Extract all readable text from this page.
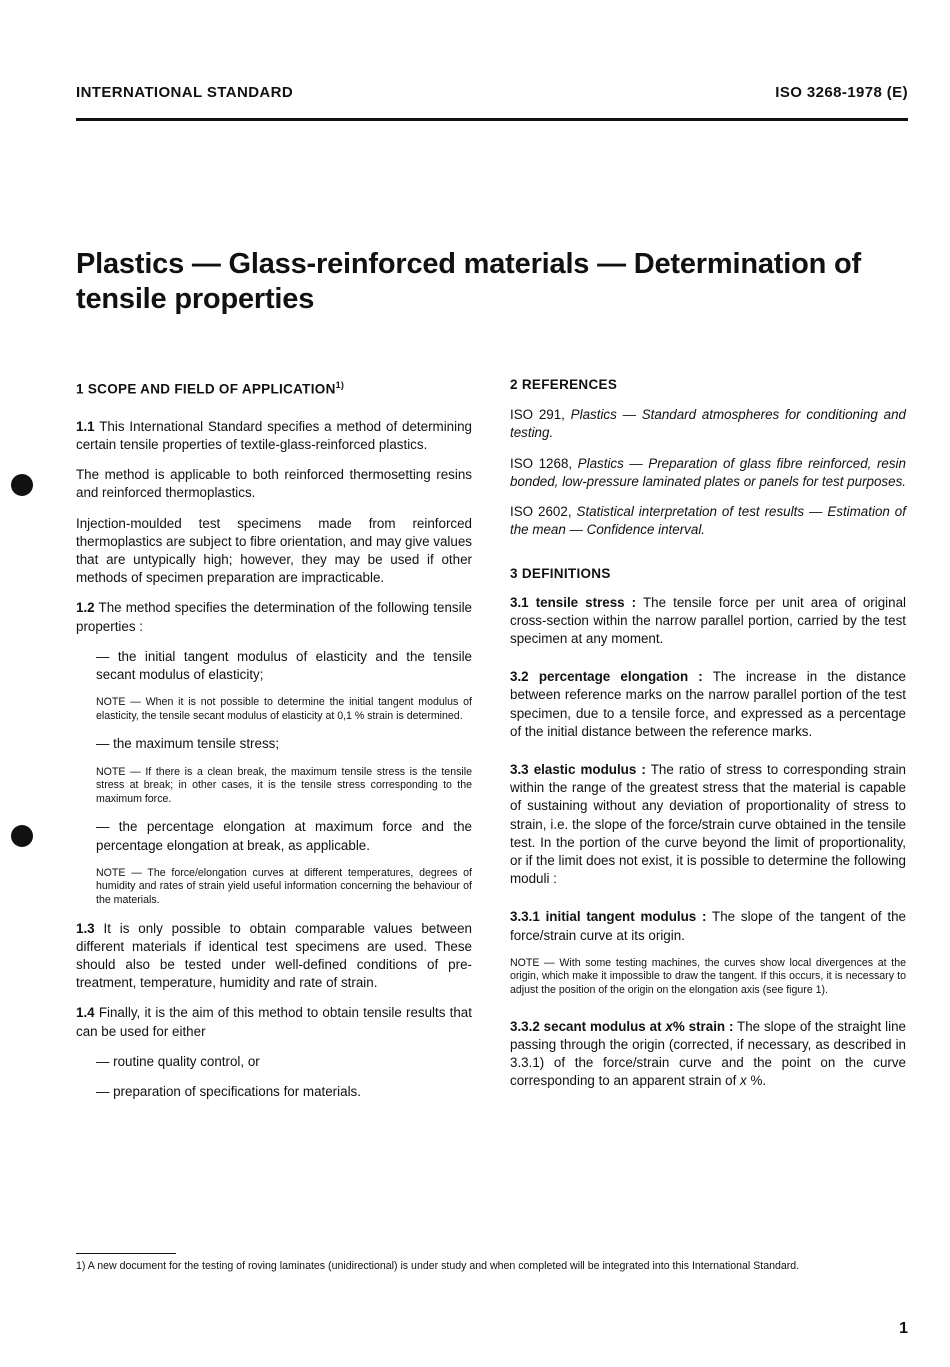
INTERNATIONAL STANDARD	ISO 3268-1978 (E)
Plastics — Glass-reinforced materials — Determination of
tensile properties
1 SCOPE AND FIELD OF APPLICATION$^{1)}$

1.1 This International Standard specifies a method of determining certain tensile properties of textile-glass-reinforced plastics.

The method is applicable to both reinforced thermosetting resins and reinforced thermoplastics.

Injection-moulded test specimens made from reinforced thermoplastics are subject to fibre orientation, and may give values that are untypically high; however, they may be used if other methods of specimen preparation are impracticable.

1.2 The method specifies the determination of the following tensile properties :

— the initial tangent modulus of elasticity and the tensile secant modulus of elasticity;

NOTE — When it is not possible to determine the initial tangent modulus of elasticity, the tensile secant modulus of elasticity at 0,1 % strain is determined.

— the maximum tensile stress;

NOTE — If there is a clean break, the maximum tensile stress is the tensile stress at break; in other cases, it is the tensile stress corresponding to the maximum force.

— the percentage elongation at maximum force and the percentage elongation at break, as applicable.

NOTE — The force/elongation curves at different temperatures, degrees of humidity and rates of strain yield useful information concerning the behaviour of the materials.

1.3 It is only possible to obtain comparable values between different materials if identical test specimens are used. These should also be tested under well-defined conditions of pre-treatment, temperature, humidity and rate of strain.

1.4 Finally, it is the aim of this method to obtain tensile results that can be used for either

— routine quality control, or

— preparation of specifications for materials.

2 REFERENCES

ISO 291, Plastics — Standard atmospheres for conditioning and testing.

ISO 1268, Plastics — Preparation of glass fibre reinforced, resin bonded, low-pressure laminated plates or panels for test purposes.

ISO 2602, Statistical interpretation of test results — Estimation of the mean — Confidence interval.

3 DEFINITIONS

3.1 tensile stress : The tensile force per unit area of original cross-section within the narrow parallel portion, carried by the test specimen at any moment.

3.2 percentage elongation : The increase in the distance between reference marks on the narrow parallel portion of the test specimen, due to a tensile force, and expressed as a percentage of the initial distance between the reference marks.

3.3 elastic modulus : The ratio of stress to corresponding strain within the range of the greatest stress that the material is capable of sustaining without any deviation of proportionality of stress to strain, i.e. the slope of the force/strain curve obtained in the tensile test. In the portion of the curve beyond the limit of proportionality, or if the limit does not exist, it is possible to determine the following moduli :

3.3.1 initial tangent modulus : The slope of the tangent of the force/strain curve at its origin.

NOTE — With some testing machines, the curves show local divergences at the origin, which make it impossible to draw the tangent. If this occurs, it is necessary to adjust the position of the origin on the elongation axis (see figure 1).

3.3.2 secant modulus at x% strain : The slope of the straight line passing through the origin (corrected, if necessary, as described in 3.3.1) of the force/strain curve and the point on the curve corresponding to an apparent strain of x %.

1) A new document for the testing of roving laminates (unidirectional) is under study and when completed will be integrated into this International Standard.
1
